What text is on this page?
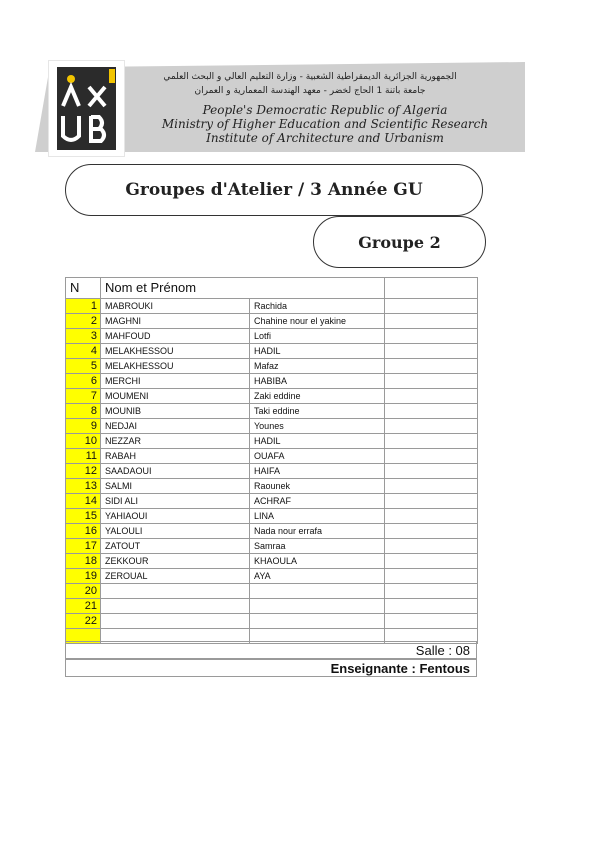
الجمهورية الجزائرية الديمقراطية الشعبية - وزارة التعليم العالي و البحث العلمي
جامعة باتنة 1 الحاج لخضر - معهد الهندسة المعمارية و العمران
People's Democratic Republic of Algeria
Ministry of Higher Education and Scientific Research
Institute of Architecture and Urbanism
Groupes d'Atelier / 3 Année GU
Groupe 2
N	Nom et Prénom		
1	MABROUKI	Rachida	
2	MAGHNI	Chahine nour el yakine	
3	MAHFOUD	Lotfi	
4	MELAKHESSOU	HADIL	
5	MELAKHESSOU	Mafaz	
6	MERCHI	HABIBA	
7	MOUMENI	Zaki eddine	
8	MOUNIB	Taki eddine	
9	NEDJAI	Younes	
10	NEZZAR	HADIL	
11	RABAH	OUAFA	
12	SAADAOUI	HAIFA	
13	SALMI	Raounek	
14	SIDI ALI	ACHRAF	
15	YAHIAOUI	LINA	
16	YALOULI	Nada nour errafa	
17	ZATOUT	Samraa	
18	ZEKKOUR	KHAOULA	
19	ZEROUAL	AYA	
20			
21			
22			

Salle : 08
Enseignante : Fentous
